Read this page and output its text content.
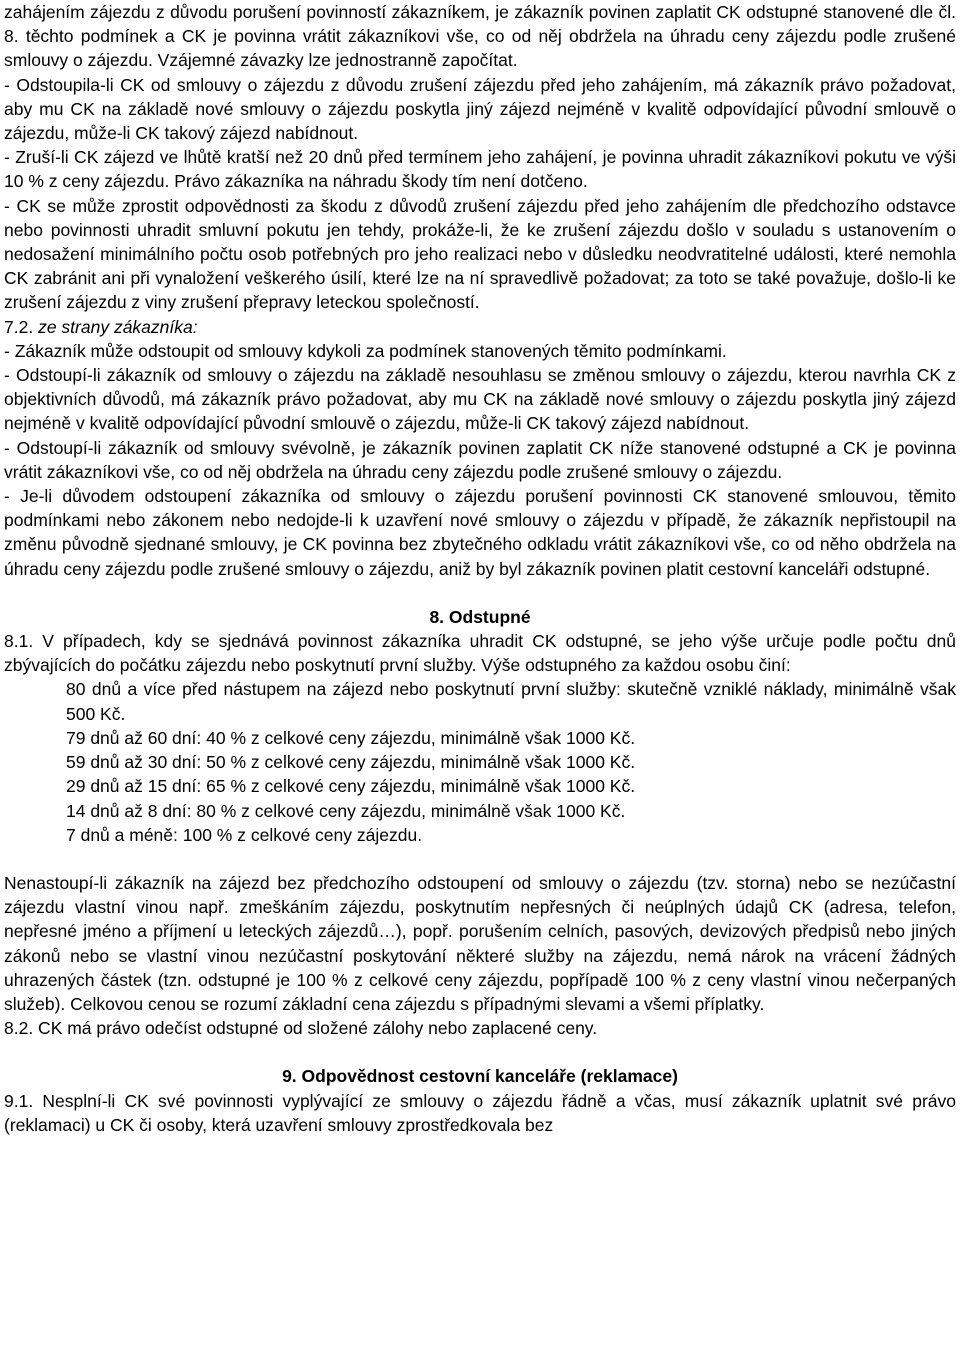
zahájením zájezdu z důvodu porušení povinností zákazníkem, je zákazník povinen zaplatit CK odstupné stanovené dle čl. 8. těchto podmínek a CK je povinna vrátit zákazníkovi vše, co od něj obdržela na úhradu ceny zájezdu podle zrušené smlouvy o zájezdu. Vzájemné závazky lze jednostranně započítat.

- Odstoupila-li CK od smlouvy o zájezdu z důvodu zrušení zájezdu před jeho zahájením, má zákazník právo požadovat, aby mu CK na základě nové smlouvy o zájezdu poskytla jiný zájezd nejméně v kvalitě odpovídající původní smlouvě o zájezdu, může-li CK takový zájezd nabídnout.

- Zruší-li CK zájezd ve lhůtě kratší než 20 dnů před termínem jeho zahájení, je povinna uhradit zákazníkovi pokutu ve výši 10 % z ceny zájezdu. Právo zákazníka na náhradu škody tím není dotčeno.

- CK se může zprostit odpovědnosti za škodu z důvodů zrušení zájezdu před jeho zahájením dle předchozího odstavce nebo povinnosti uhradit smluvní pokutu jen tehdy, prokáže-li, že ke zrušení zájezdu došlo v souladu s ustanovením o nedosažení minimálního počtu osob potřebných pro jeho realizaci nebo v důsledku neodvratitelné události, které nemohla CK zabránit ani při vynaložení veškerého úsilí, které lze na ní spravedlivě požadovat; za toto se také považuje, došlo-li ke zrušení zájezdu z viny zrušení přepravy leteckou společností.

7.2. ze strany zákazníka:

- Zákazník může odstoupit od smlouvy kdykoli za podmínek stanovených těmito podmínkami.

- Odstoupí-li zákazník od smlouvy o zájezdu na základě nesouhlasu se změnou smlouvy o zájezdu, kterou navrhla CK z objektivních důvodů, má zákazník právo požadovat, aby mu CK na základě nové smlouvy o zájezdu poskytla jiný zájezd nejméně v kvalitě odpovídající původní smlouvě o zájezdu, může-li CK takový zájezd nabídnout.

- Odstoupí-li zákazník od smlouvy svévolně, je zákazník povinen zaplatit CK níže stanovené odstupné a CK je povinna vrátit zákazníkovi vše, co od něj obdržela na úhradu ceny zájezdu podle zrušené smlouvy o zájezdu.

- Je-li důvodem odstoupení zákazníka od smlouvy o zájezdu porušení povinnosti CK stanovené smlouvou, těmito podmínkami nebo zákonem nebo nedojde-li k uzavření nové smlouvy o zájezdu v případě, že zákazník nepřistoupil na změnu původně sjednané smlouvy, je CK povinna bez zbytečného odkladu vrátit zákazníkovi vše, co od něho obdržela na úhradu ceny zájezdu podle zrušené smlouvy o zájezdu, aniž by byl zákazník povinen platit cestovní kanceláři odstupné.

8. Odstupné

8.1. V případech, kdy se sjednává povinnost zákazníka uhradit CK odstupné, se jeho výše určuje podle počtu dnů zbývajících do počátku zájezdu nebo poskytnutí první služby. Výše odstupného za každou osobu činí:

80 dnů a více před nástupem na zájezd nebo poskytnutí první služby: skutečně vzniklé náklady, minimálně však 500 Kč.

79 dnů až 60 dní: 40 % z celkové ceny zájezdu, minimálně však 1000 Kč.

59 dnů až 30 dní: 50 % z celkové ceny zájezdu, minimálně však 1000 Kč.

29 dnů až 15 dní: 65 % z celkové ceny zájezdu, minimálně však 1000 Kč.

14 dnů až 8 dní: 80 % z celkové ceny zájezdu, minimálně však 1000 Kč.

7 dnů a méně: 100 % z celkové ceny zájezdu.

Nenastoupí-li zákazník na zájezd bez předchozího odstoupení od smlouvy o zájezdu (tzv. storna) nebo se nezúčastní zájezdu vlastní vinou např. zmeškáním zájezdu, poskytnutím nepřesných či neúplných údajů CK (adresa, telefon, nepřesné jméno a příjmení u leteckých zájezdů…), popř. porušením celních, pasových, devizových předpisů nebo jiných zákonů nebo se vlastní vinou nezúčastní poskytování některé služby na zájezdu, nemá nárok na vrácení žádných uhrazených částek (tzn. odstupné je 100 % z celkové ceny zájezdu, popřípadě 100 % z ceny vlastní vinou nečerpaných služeb). Celkovou cenou se rozumí základní cena zájezdu s případnými slevami a všemi příplatky.

8.2. CK má právo odečíst odstupné od složené zálohy nebo zaplacené ceny.

9. Odpovědnost cestovní kanceláře (reklamace)

9.1. Nesplní-li CK své povinnosti vyplývající ze smlouvy o zájezdu řádně a včas, musí zákazník uplatnit své právo (reklamaci) u CK či osoby, která uzavření smlouvy zprostředkovala bez
